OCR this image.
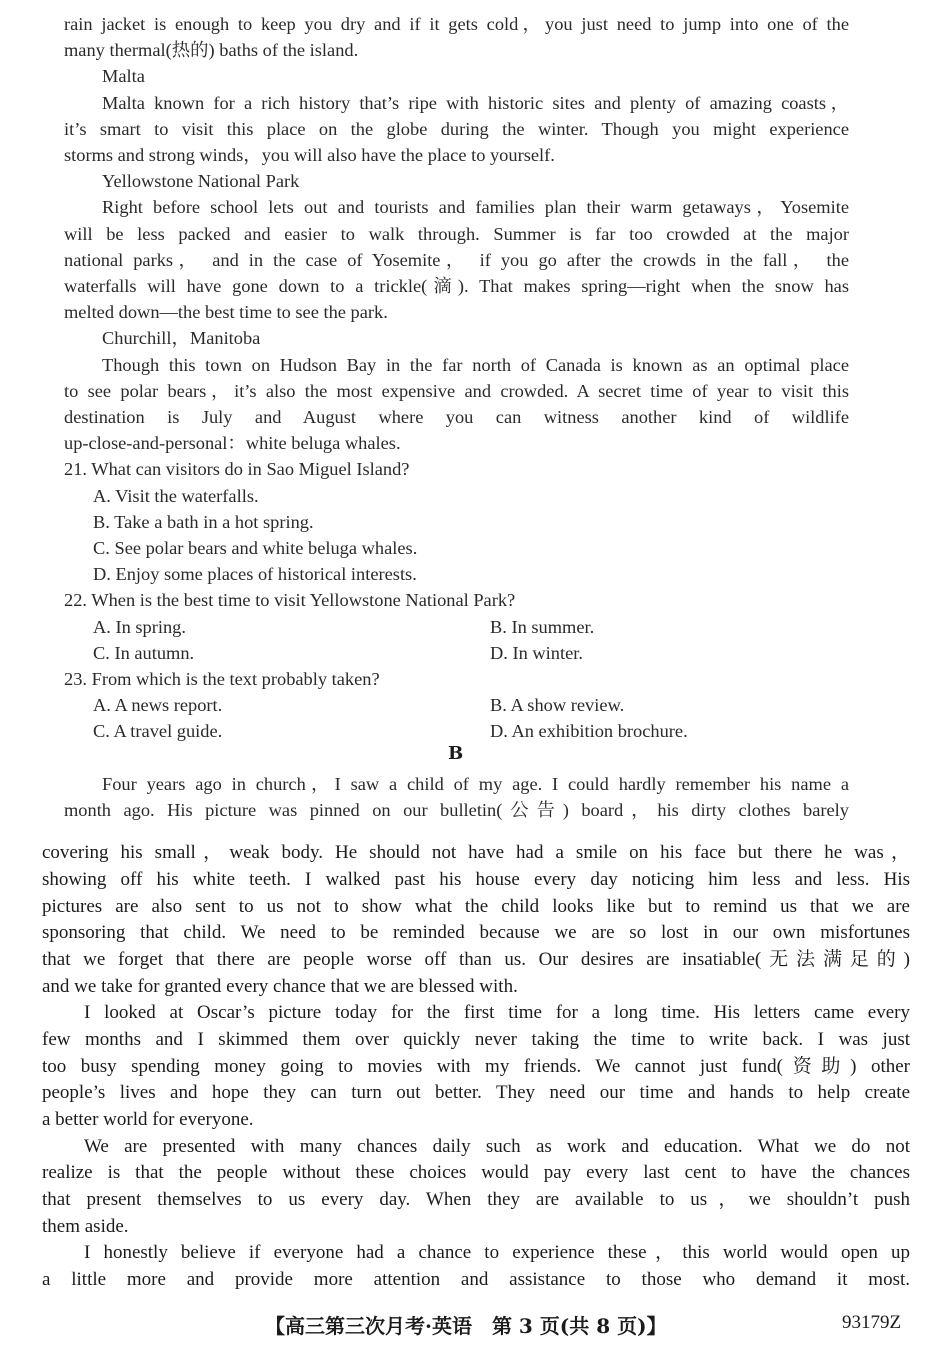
rain jacket is enough to keep you dry and if it gets cold，you just need to jump into one of the
many thermal(热的) baths of the island.
Malta
Malta known for a rich history that’s ripe with historic sites and plenty of amazing coasts，
it’s smart to visit this place on the globe during the winter. Though you might experience
storms and strong winds，you will also have the place to yourself.
Yellowstone National Park
Right before school lets out and tourists and families plan their warm getaways，Yosemite
will be less packed and easier to walk through. Summer is far too crowded at the major
national parks， and in the case of Yosemite， if you go after the crowds in the fall， the
waterfalls will have gone down to a trickle(滴). That makes spring—right when the snow has
melted down—the best time to see the park.
Churchill，Manitoba
Though this town on Hudson Bay in the far north of Canada is known as an optimal place
to see polar bears，it’s also the most expensive and crowded. A secret time of year to visit this
destination is July and August where you can witness another kind of wildlife
up-close-and-personal：white beluga whales.
21. What can visitors do in Sao Miguel Island?
A. Visit the waterfalls.
B. Take a bath in a hot spring.
C. See polar bears and white beluga whales.
D. Enjoy some places of historical interests.
22. When is the best time to visit Yellowstone National Park?
A. In spring.	B. In summer.
C. In autumn.	D. In winter.
23. From which is the text probably taken?
A. A news report.	B. A show review.
C. A travel guide.	D. An exhibition brochure.
B
Four years ago in church，I saw a child of my age. I could hardly remember his name a
month ago. His picture was pinned on our bulletin(公告) board，his dirty clothes barely
covering his small，weak body. He should not have had a smile on his face but there he was，
showing off his white teeth. I walked past his house every day noticing him less and less. His
pictures are also sent to us not to show what the child looks like but to remind us that we are
sponsoring that child. We need to be reminded because we are so lost in our own misfortunes
that we forget that there are people worse off than us. Our desires are insatiable(无法满足的)
and we take for granted every chance that we are blessed with.
I looked at Oscar’s picture today for the first time for a long time. His letters came every
few months and I skimmed them over quickly never taking the time to write back. I was just
too busy spending money going to movies with my friends. We cannot just fund(资助) other
people’s lives and hope they can turn out better. They need our time and hands to help create
a better world for everyone.
We are presented with many chances daily such as work and education. What we do not
realize is that the people without these choices would pay every last cent to have the chances
that present themselves to us every day. When they are available to us，we shouldn’t push
them aside.
I honestly believe if everyone had a chance to experience these，this world would open up
a little more and provide more attention and assistance to those who demand it most.
【高三第三次月考·英语　第 3 页(共 8 页)】	93179Z
